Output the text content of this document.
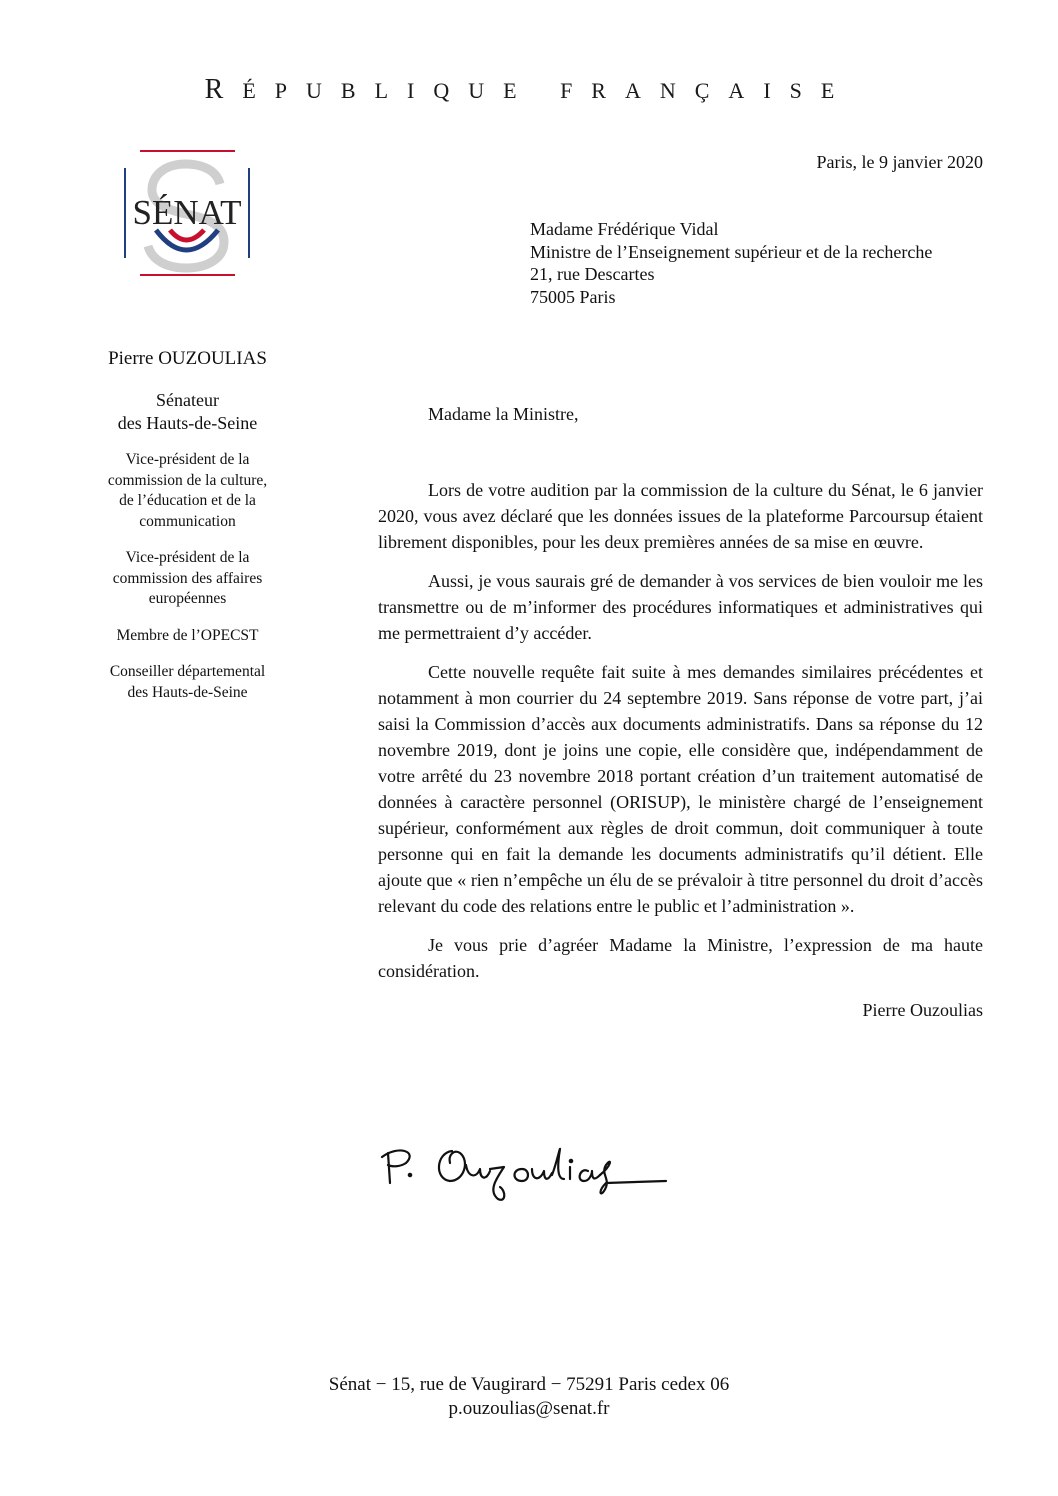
RÉPUBLIQUE FRANÇAISE
SÉNAT
Paris, le 9 janvier 2020
Madame Frédérique Vidal
Ministre de l’Enseignement supérieur et de la recherche
21, rue Descartes
75005 Paris
Pierre OUZOULIAS
Sénateur
des Hauts-de-Seine
Vice-président de la
commission de la culture,
de l’éducation et de la
communication
Vice-président de la
commission des affaires
européennes
Membre de l’OPECST
Conseiller départemental
des Hauts-de-Seine
Madame la Ministre,

Lors de votre audition par la commission de la culture du Sénat, le 6 janvier 2020, vous avez déclaré que les données issues de la plateforme Parcoursup étaient librement disponibles, pour les deux premières années de sa mise en œuvre.

Aussi, je vous saurais gré de demander à vos services de bien vouloir me les transmettre ou de m’informer des procédures informatiques et administratives qui me permettraient d’y accéder.

Cette nouvelle requête fait suite à mes demandes similaires précédentes et notamment à mon courrier du 24 septembre 2019. Sans réponse de votre part, j’ai saisi la Commission d’accès aux documents administratifs. Dans sa réponse du 12 novembre 2019, dont je joins une copie, elle considère que, indépendamment de votre arrêté du 23 novembre 2018 portant création d’un traitement automatisé de données à caractère personnel (ORISUP), le ministère chargé de l’enseignement supérieur, conformément aux règles de droit commun, doit communiquer à toute personne qui en fait la demande les documents administratifs qu’il détient. Elle ajoute que « rien n’empêche un élu de se prévaloir à titre personnel du droit d’accès relevant du code des relations entre le public et l’administration ».

Je vous prie d’agréer Madame la Ministre, l’expression de ma haute considération.

Pierre Ouzoulias
Sénat − 15, rue de Vaugirard − 75291 Paris cedex 06
p.ouzoulias@senat.fr
